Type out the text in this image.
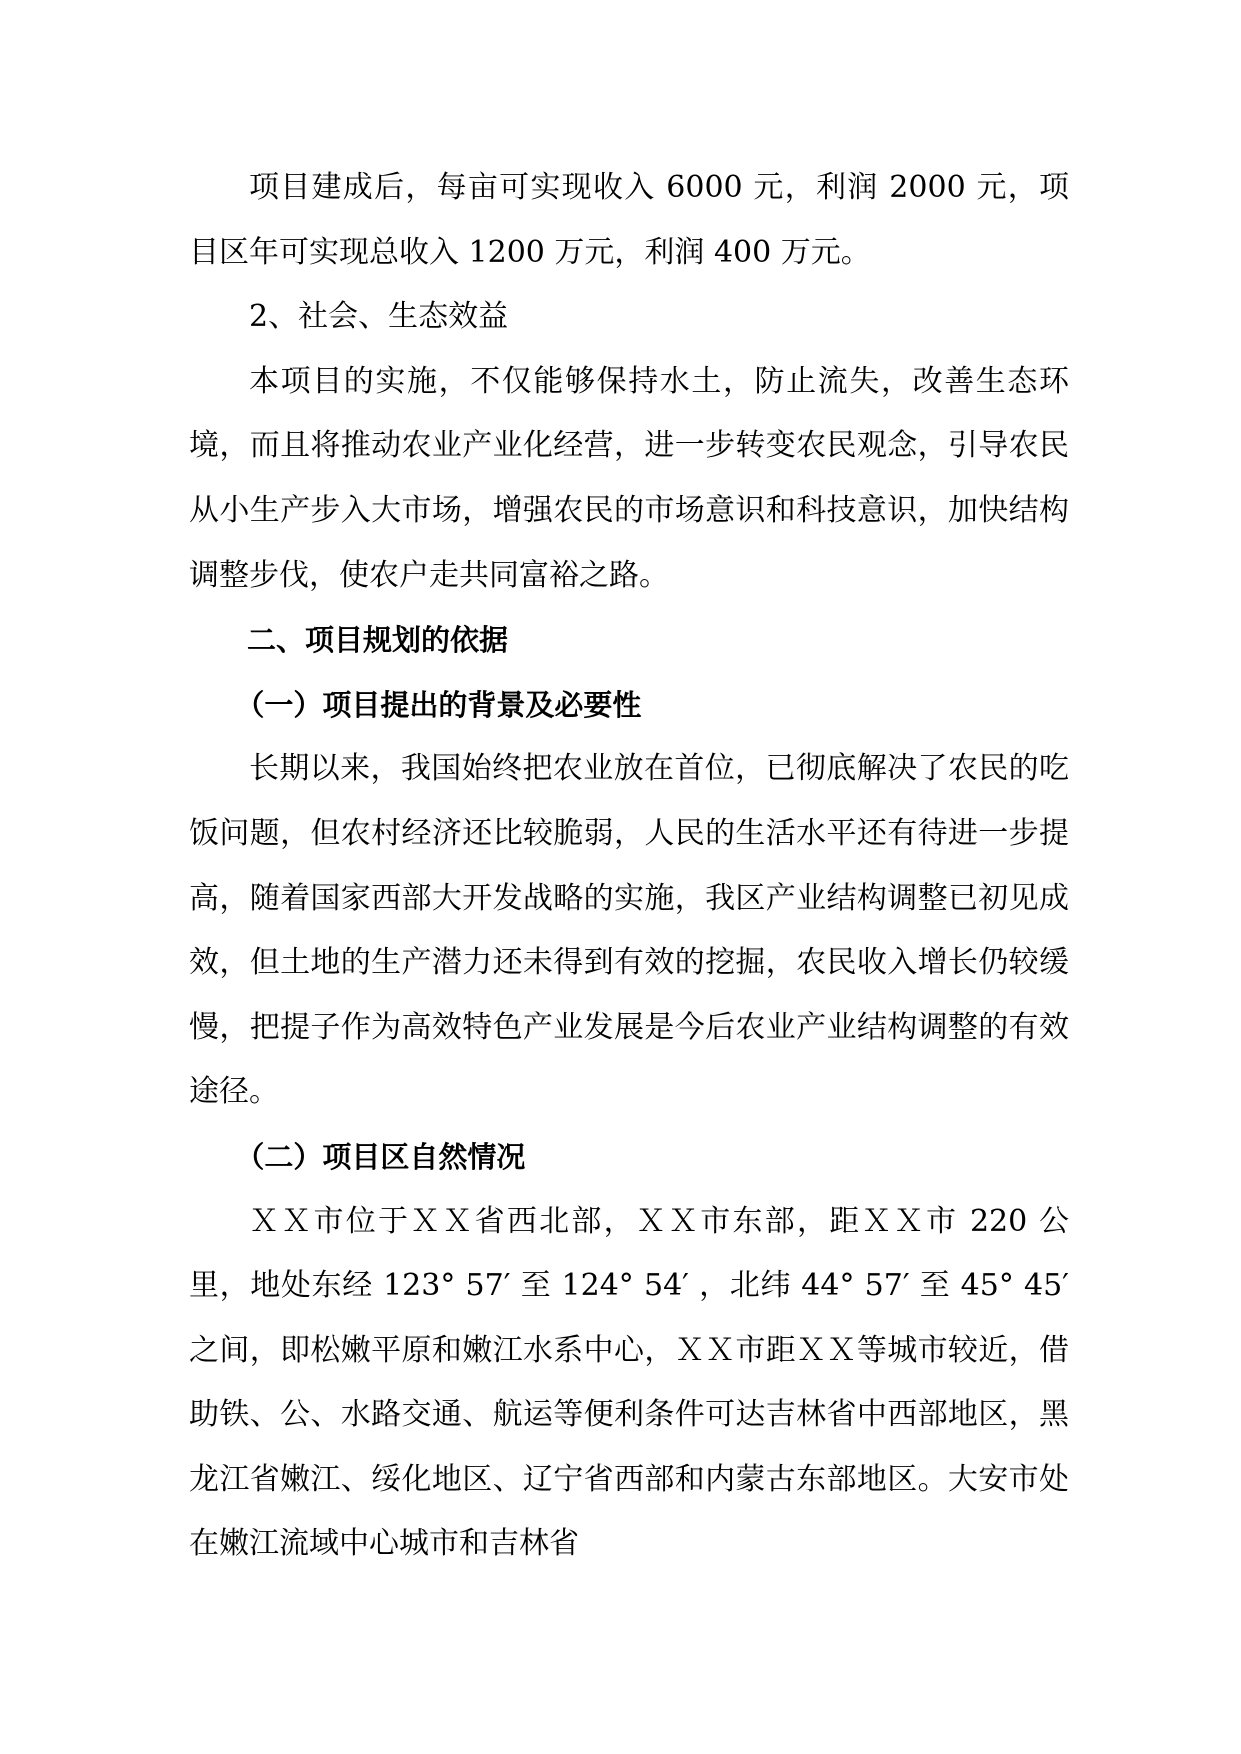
项目建成后，每亩可实现收入 6000 元，利润 2000 元，项目区年可实现总收入 1200 万元，利润 400 万元。

2、社会、生态效益

本项目的实施，不仅能够保持水土，防止流失，改善生态环境，而且将推动农业产业化经营，进一步转变农民观念，引导农民从小生产步入大市场，增强农民的市场意识和科技意识，加快结构调整步伐，使农户走共同富裕之路。

二、项目规划的依据

（一）项目提出的背景及必要性

长期以来，我国始终把农业放在首位，已彻底解决了农民的吃饭问题，但农村经济还比较脆弱，人民的生活水平还有待进一步提高，随着国家西部大开发战略的实施，我区产业结构调整已初见成效，但土地的生产潜力还未得到有效的挖掘，农民收入增长仍较缓慢，把提子作为高效特色产业发展是今后农业产业结构调整的有效途径。

（二）项目区自然情况

ＸＸ市位于ＸＸ省西北部，ＸＸ市东部，距ＸＸ市 220 公里，地处东经 123° 57′ 至 124° 54′ ，北纬 44° 57′ 至 45° 45′ 之间，即松嫩平原和嫩江水系中心，ＸＸ市距ＸＸ等城市较近，借助铁、公、水路交通、航运等便利条件可达吉林省中西部地区，黑龙江省嫩江、绥化地区、辽宁省西部和内蒙古东部地区。大安市处在嫩江流域中心城市和吉林省
